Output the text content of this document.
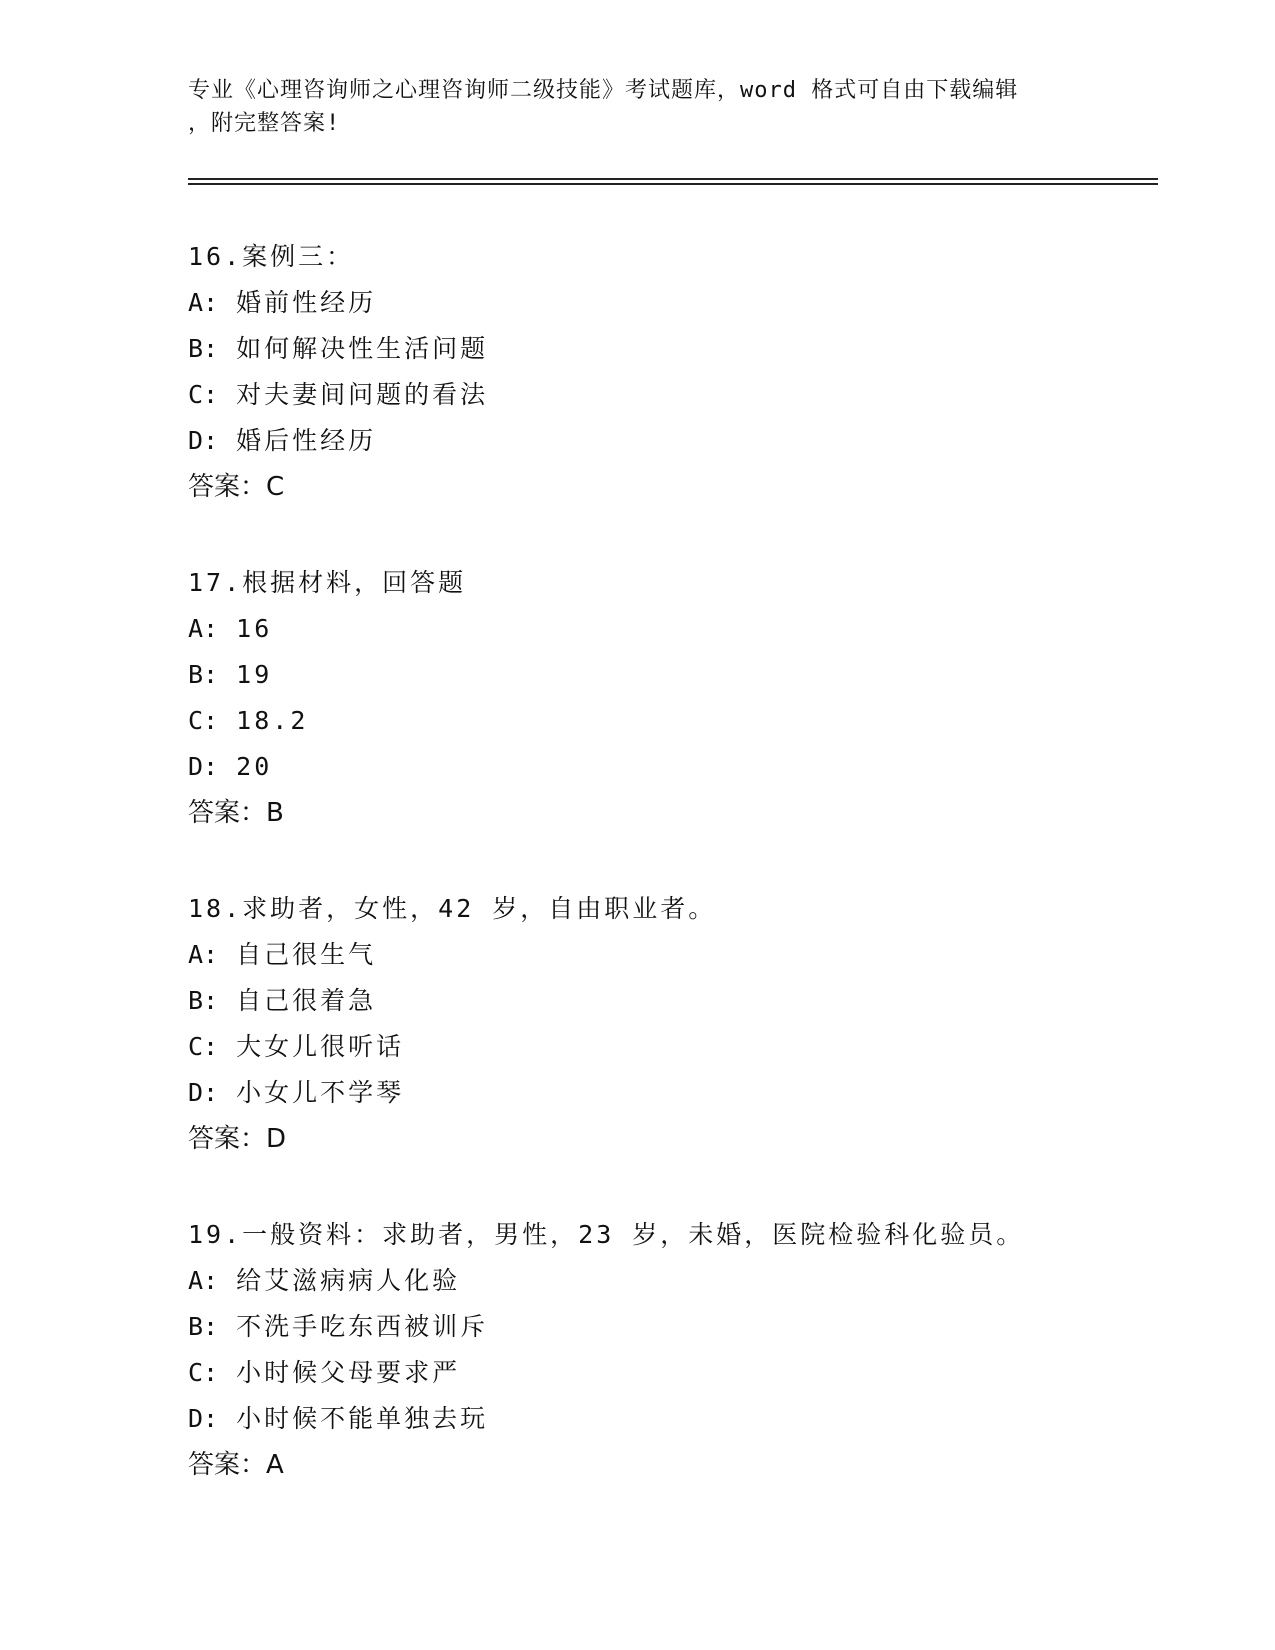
专业《心理咨询师之心理咨询师二级技能》考试题库，word 格式可自由下载编辑
，附完整答案!
16.案例三：
A: 婚前性经历
B: 如何解决性生活问题
C: 对夫妻间问题的看法
D: 婚后性经历
答案：C
17.根据材料，回答题
A: 16
B: 19
C: 18.2
D: 20
答案：B
18.求助者，女性，42 岁，自由职业者。
A: 自己很生气
B: 自己很着急
C: 大女儿很听话
D: 小女儿不学琴
答案：D
19.一般资料：求助者，男性，23 岁，未婚，医院检验科化验员。
A: 给艾滋病病人化验
B: 不洗手吃东西被训斥
C: 小时候父母要求严
D: 小时候不能单独去玩
答案：A
